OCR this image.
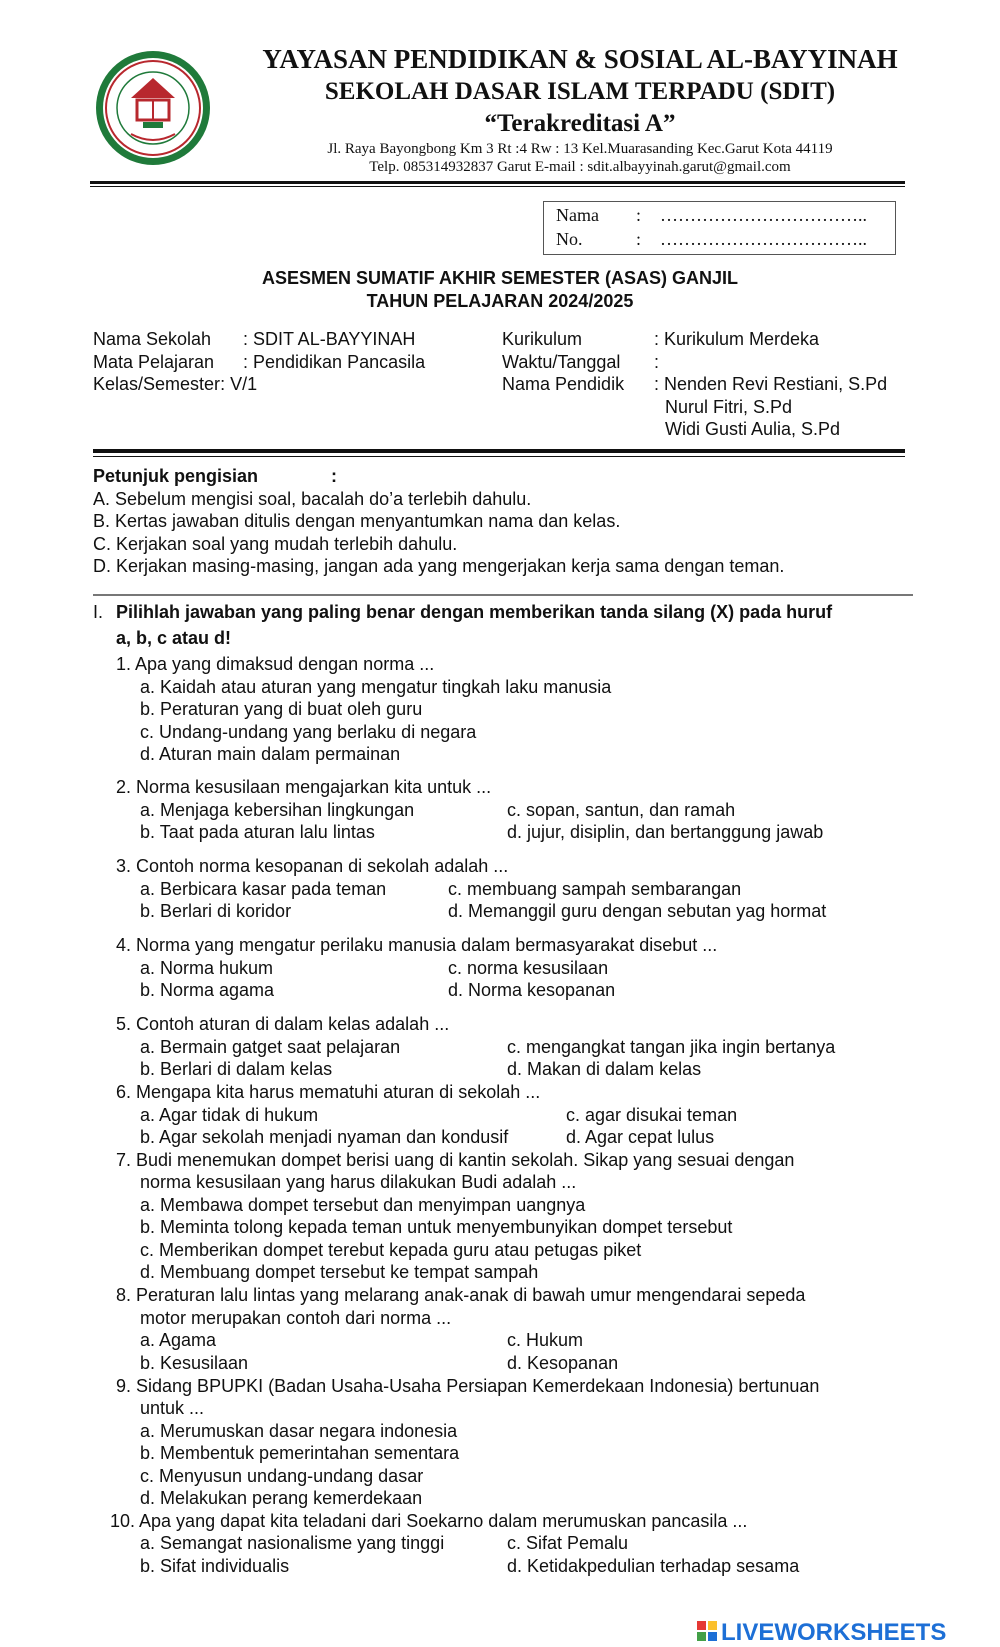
YAYASAN PENDIDIKAN & SOSIAL AL-BAYYINAH
SEKOLAH DASAR ISLAM TERPADU (SDIT)
“Terakreditasi A”
Jl. Raya Bayongbong Km 3 Rt :4 Rw : 13 Kel.Muarasanding Kec.Garut Kota 44119
Telp. 085314932837 Garut E-mail : sdit.albayyinah.garut@gmail.com
Nama : ……………………………..
No.	: ……………………………..
ASESMEN SUMATIF AKHIR SEMESTER (ASAS) GANJIL
TAHUN PELAJARAN 2024/2025
Nama Sekolah : SDIT AL-BAYYINAH
Mata Pelajaran : Pendidikan Pancasila
Kelas/Semester: V/1
Kurikulum	: Kurikulum Merdeka
Waktu/Tanggal :
Nama Pendidik : Nenden Revi Restiani, S.Pd
Nurul Fitri, S.Pd
Widi Gusti Aulia, S.Pd
Petunjuk pengisian	:
A. Sebelum mengisi soal, bacalah do’a terlebih dahulu.
B. Kertas jawaban ditulis dengan menyantumkan nama dan kelas.
C. Kerjakan soal yang mudah terlebih dahulu.
D. Kerjakan masing-masing, jangan ada yang mengerjakan kerja sama dengan teman.
I. Pilihlah jawaban yang paling benar dengan memberikan tanda silang (X) pada huruf
a, b, c atau d!
1. Apa yang dimaksud dengan norma ...
a. Kaidah atau aturan yang mengatur tingkah laku manusia
b. Peraturan yang di buat oleh guru
c. Undang-undang yang berlaku di negara
d. Aturan main dalam permainan
2. Norma kesusilaan mengajarkan kita untuk ...
a. Menjaga kebersihan lingkungan	c. sopan, santun, dan ramah
b. Taat pada aturan lalu lintas	d. jujur, disiplin, dan bertanggung jawab
3. Contoh norma kesopanan di sekolah adalah ...
a. Berbicara kasar pada teman	c. membuang sampah sembarangan
b. Berlari di koridor	d. Memanggil guru dengan sebutan yag hormat
4. Norma yang mengatur perilaku manusia dalam bermasyarakat disebut ...
a. Norma hukum	c. norma kesusilaan
b. Norma agama	d. Norma kesopanan
5. Contoh aturan di dalam kelas adalah ...
a. Bermain gatget saat pelajaran	c. mengangkat tangan jika ingin bertanya
b. Berlari di dalam kelas	d. Makan di dalam kelas
6. Mengapa kita harus mematuhi aturan di sekolah ...
a. Agar tidak di hukum	c. agar disukai teman
b. Agar sekolah menjadi nyaman dan kondusif	d. Agar cepat lulus
7. Budi menemukan dompet berisi uang di kantin sekolah. Sikap yang sesuai dengan
norma kesusilaan yang harus dilakukan Budi adalah ...
a. Membawa dompet tersebut dan menyimpan uangnya
b. Meminta tolong kepada teman untuk menyembunyikan dompet tersebut
c. Memberikan dompet terebut kepada guru atau petugas piket
d. Membuang dompet tersebut ke tempat sampah
8. Peraturan lalu lintas yang melarang anak-anak di bawah umur mengendarai sepeda
motor merupakan contoh dari norma ...
a. Agama	c. Hukum
b. Kesusilaan	d. Kesopanan
9. Sidang BPUPKI (Badan Usaha-Usaha Persiapan Kemerdekaan Indonesia) bertunuan
untuk ...
a. Merumuskan dasar negara indonesia
b. Membentuk pemerintahan sementara
c. Menyusun undang-undang dasar
d. Melakukan perang kemerdekaan
10. Apa yang dapat kita teladani dari Soekarno dalam merumuskan pancasila ...
a. Semangat nasionalisme yang tinggi	c. Sifat Pemalu
b. Sifat individualis	d. Ketidakpedulian terhadap sesama
LIVEWORKSHEETS
